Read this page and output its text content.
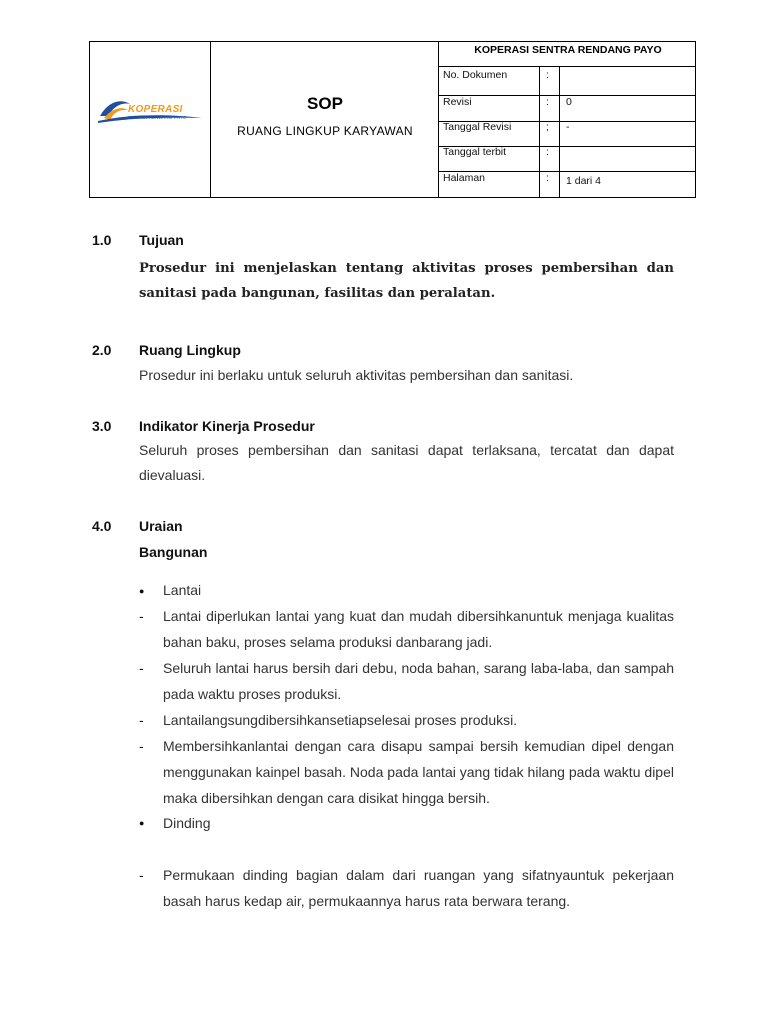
KOPERASI
SENTRA RENDANG PAYO
SOP
RUANG LINGKUP KARYAWAN
KOPERASI SENTRA RENDANG PAYO
No. Dokumen	:
Revisi	: 0
Tanggal Revisi	; -
Tanggal terbit	:
Halaman	: 1 dari 4
1.0 Tujuan
Prosedur ini menjelaskan tentang aktivitas proses pembersihan dan sanitasi pada bangunan, fasilitas dan peralatan.
2.0 Ruang Lingkup
Prosedur ini berlaku untuk seluruh aktivitas pembersihan dan sanitasi.
3.0 Indikator Kinerja Prosedur
Seluruh proses pembersihan dan sanitasi dapat terlaksana, tercatat dan dapat dievaluasi.
4.0 Uraian
Bangunan
● Lantai
- Lantai diperlukan lantai yang kuat dan mudah dibersihkanuntuk menjaga kualitas bahan baku, proses selama produksi danbarang jadi.
- Seluruh lantai harus bersih dari debu, noda bahan, sarang laba-laba, dan sampah pada waktu proses produksi.
- Lantailangsungdibersihkansetiapselesai proses produksi.
- Membersihkanlantai dengan cara disapu sampai bersih kemudian dipel dengan menggunakan kainpel basah. Noda pada lantai yang tidak hilang pada waktu dipel maka dibersihkan dengan cara disikat hingga bersih.
● Dinding
- Permukaan dinding bagian dalam dari ruangan yang sifatnyauntuk pekerjaan basah harus kedap air, permukaannya harus rata berwara terang.
